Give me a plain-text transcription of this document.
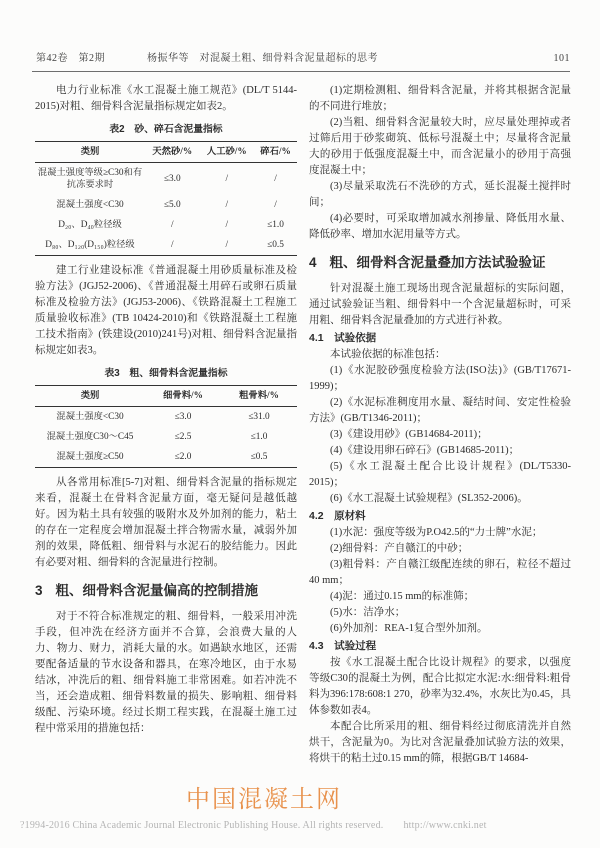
第42卷　第2期	杨振华等　对混凝土粗、细骨料含泥量超标的思考	101

电力行业标准《水工混凝土施工规范》(DL/T 5144-2015)对粗、细骨料含泥量指标规定如表2。

表2　砂、碎石含泥量指标
类别	天然砂/%	人工砂/%	碎石/%
混凝土强度等级≥C30和有抗冻要求时	≤3.0	/	/
混凝土强度<C30	≤5.0	/	/
D₂₀、D₄₀粒径级	/	/	≤1.0
D₈₀、D₁₂₀(D₁₅₀)粒径级	/	/	≤0.5

建工行业建设标准《普通混凝土用砂质量标准及检验方法》(JGJ52-2006)、《普通混凝土用碎石或卵石质量标准及检验方法》(JGJ53-2006)、《铁路混凝土工程施工质量验收标准》(TB 10424-2010)和《铁路混凝土工程施工技术指南》(铁建设(2010)241号)对粗、细骨料含泥量指标规定如表3。

表3　粗、细骨料含泥量指标
类别	细骨料/%	粗骨料/%
混凝土强度<C30	≤3.0	≤31.0
混凝土强度C30～C45	≤2.5	≤1.0
混凝土强度≥C50	≤2.0	≤0.5

从各常用标准[5-7]对粗、细骨料含泥量的指标规定来看，混凝土在骨料含泥量方面，毫无疑问是越低越好。因为粘土具有较强的吸附水及外加剂的能力，粘土的存在一定程度会增加混凝土拌合物需水量，减弱外加剂的效果，降低粗、细骨料与水泥石的胶结能力。因此有必要对粗、细骨料的含泥量进行控制。

3 粗、细骨料含泥量偏高的控制措施

对于不符合标准规定的粗、细骨料，一般采用冲洗手段，但冲洗在经济方面并不合算，会浪费大量的人力、物力、财力，消耗大量的水。如遇缺水地区，还需要配备适量的节水设备和器具，在寒冷地区，由于水易结冰，冲洗后的粗、细骨料施工非常困难。如若冲洗不当，还会造成粗、细骨料数量的损失、影响粗、细骨料级配、污染环境。经过长期工程实践，在混凝土施工过程中常采用的措施包括：

(1)定期检测粗、细骨料含泥量，并将其根据含泥量的不同进行堆放；

(2)当粗、细骨料含泥量较大时，应尽量处理掉或者过筛后用于砂浆砌筑、低标号混凝土中；尽量将含泥量大的砂用于低强度混凝土中，而含泥量小的砂用于高强度混凝土中；

(3)尽量采取洗石不洗砂的方式，延长混凝土搅拌时间；

(4)必要时，可采取增加减水剂掺量、降低用水量、降低砂率、增加水泥用量等方式。

4 粗、细骨料含泥量叠加方法试验验证

针对混凝土施工现场出现含泥量超标的实际问题，通过试验验证当粗、细骨料中一个含泥量超标时，可采用粗、细骨料含泥量叠加的方式进行补救。

4.1　试验依据

本试验依据的标准包括：

(1)《水泥胶砂强度检验方法(ISO法)》(GB/T17671-1999)；

(2)《水泥标准稠度用水量、凝结时间、安定性检验方法》(GB/T1346-2011)；

(3)《建设用砂》(GB14684-2011)；

(4)《建设用卵石碎石》(GB14685-2011)；

(5)《水工混凝土配合比设计规程》(DL/T5330-2015)；

(6)《水工混凝土试验规程》(SL352-2006)。

4.2　原材料

(1)水泥：强度等级为P.O42.5的“力士牌”水泥；

(2)细骨料：产自赣江的中砂；

(3)粗骨料：产自赣江级配连续的卵石，粒径不超过40 mm；

(4)泥：通过0.15 mm的标准筛；

(5)水：洁净水；

(6)外加剂：REA-1复合型外加剂。

4.3　试验过程

按《水工混凝土配合比设计规程》的要求，以强度等级C30的混凝土为例，配合比拟定水泥:水:细骨料:粗骨料为396:178:608:1 270，砂率为32.4%，水灰比为0.45，具体参数如表4。

本配合比所采用的粗、细骨料经过彻底清洗并自然烘干，含泥量为0。为比对含泥量叠加试验方法的效果，将烘干的粘土过0.15 mm的筛，根据GB/T 14684-

中国混凝土网
?1994-2016 China Academic Journal Electronic Publishing House. All rights reserved. http://www.cnki.net
